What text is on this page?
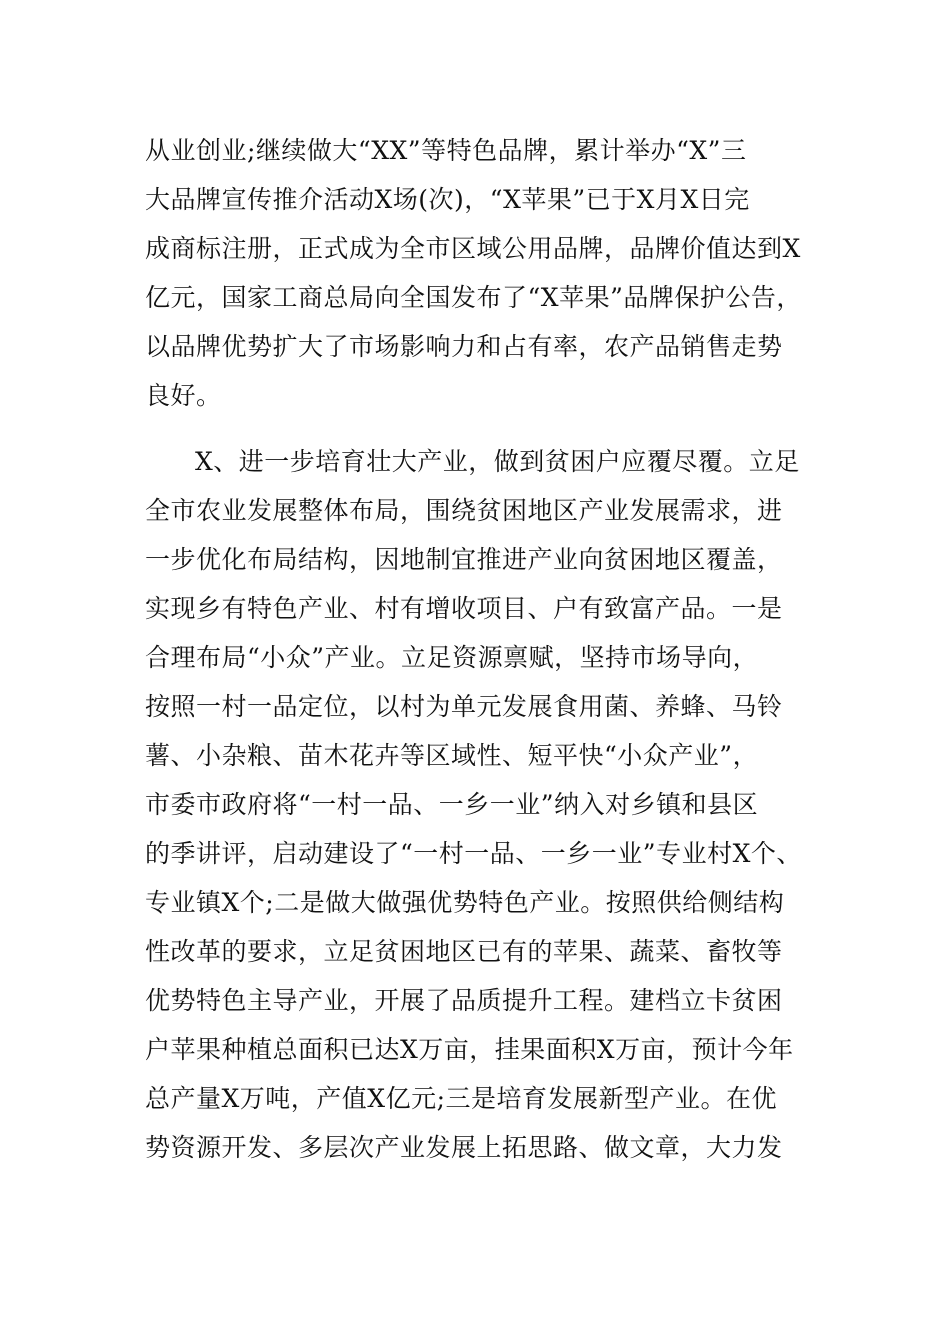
从业创业;继续做大“XX”等特色品牌，累计举办“X”三
大品牌宣传推介活动X场(次)，“X苹果”已于X月X日完
成商标注册，正式成为全市区域公用品牌，品牌价值达到X
亿元，国家工商总局向全国发布了“X苹果”品牌保护公告，
以品牌优势扩大了市场影响力和占有率，农产品销售走势
良好。
X、进一步培育壮大产业，做到贫困户应覆尽覆。立足
全市农业发展整体布局，围绕贫困地区产业发展需求，进
一步优化布局结构，因地制宜推进产业向贫困地区覆盖，
实现乡有特色产业、村有增收项目、户有致富产品。一是
合理布局“小众”产业。立足资源禀赋，坚持市场导向，
按照一村一品定位，以村为单元发展食用菌、养蜂、马铃
薯、小杂粮、苗木花卉等区域性、短平快“小众产业”，
市委市政府将“一村一品、一乡一业”纳入对乡镇和县区
的季讲评，启动建设了“一村一品、一乡一业”专业村X个、
专业镇X个;二是做大做强优势特色产业。按照供给侧结构
性改革的要求，立足贫困地区已有的苹果、蔬菜、畜牧等
优势特色主导产业，开展了品质提升工程。建档立卡贫困
户苹果种植总面积已达X万亩，挂果面积X万亩，预计今年
总产量X万吨，产值X亿元;三是培育发展新型产业。在优
势资源开发、多层次产业发展上拓思路、做文章，大力发
